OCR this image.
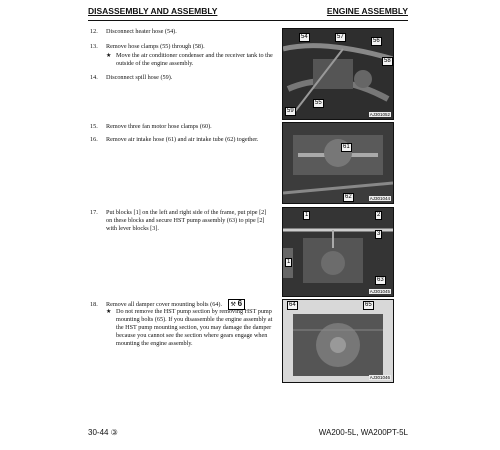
DISASSEMBLY AND ASSEMBLY	ENGINE ASSEMBLY
12. Disconnect heater hose (54).
13. Remove hose clamps (55) through (58).
★ Move the air conditioner condenser and the receiver tank to the outside of the engine assembly.
14. Disconnect spill hose (59).
54	57
56
58
55
59
AJ301052
15. Remove three fan motor hose clamps (60).
16. Remove air intake hose (61) and air intake tube (62) together.
61
62	AJ301044
17.	Put blocks [1] on the left and right side of the frame, put pipe [2] on these blocks and secure HST pump assembly (63) to pipe [2] with lever blocks [3].
1	2
3
1
63
AJ301045
18. Remove all damper cover mounting bolts (64). ⚒ 6
★ Do not remove the HST pump section by removing HST pump mounting bolts (65). If you disassemble the engine assembly at the HST pump mounting section, you may damage the damper because you cannot see the section where gears engage when mounting the engine assembly.
64	65
AJ301046
30-44 ③	WA200-5L, WA200PT-5L
